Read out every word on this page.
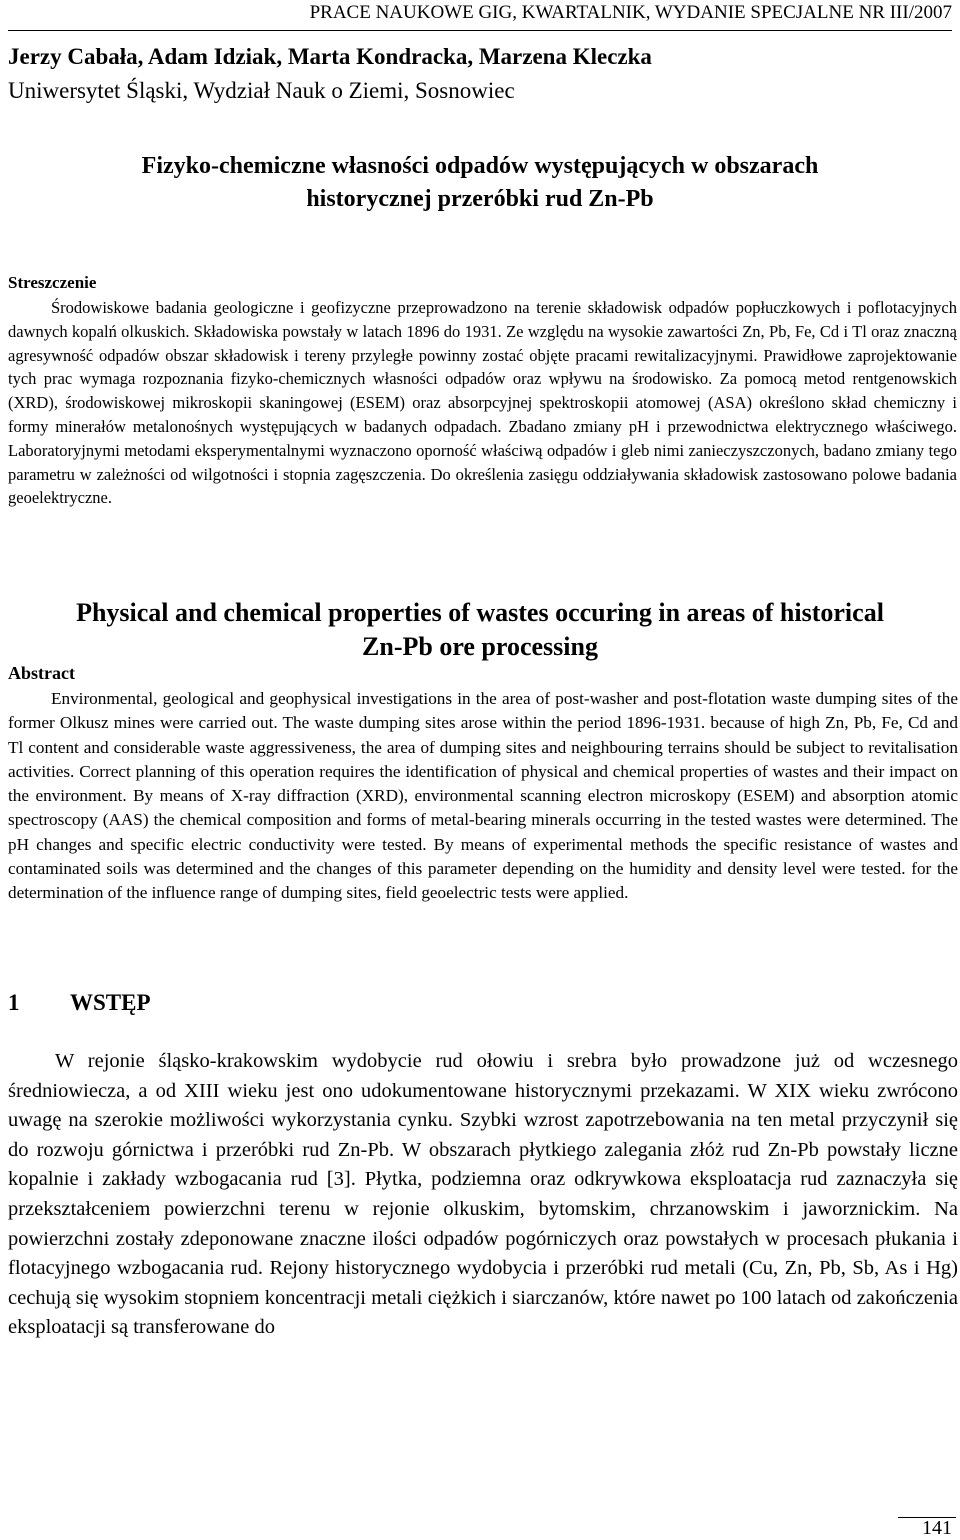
PRACE NAUKOWE GIG, KWARTALNIK, WYDANIE SPECJALNE NR III/2007
Jerzy Cabała, Adam Idziak, Marta Kondracka, Marzena Kleczka
Uniwersytet Śląski, Wydział Nauk o Ziemi, Sosnowiec
Fizyko-chemiczne własności odpadów występujących w obszarach
historycznej przeróbki rud Zn-Pb
Streszczenie
Środowiskowe badania geologiczne i geofizyczne przeprowadzono na terenie składowisk odpadów popłuczkowych i poflotacyjnych dawnych kopalń olkuskich. Składowiska powstały w latach 1896 do 1931. Ze względu na wysokie zawartości Zn, Pb, Fe, Cd i Tl oraz znaczną agresywność odpadów obszar składowisk i tereny przyległe powinny zostać objęte pracami rewitalizacyjnymi. Prawidłowe zaprojektowanie tych prac wymaga rozpoznania fizyko-chemicznych własności odpadów oraz wpływu na środowisko. Za pomocą metod rentgenowskich (XRD), środowiskowej mikroskopii skaningowej (ESEM) oraz absorpcyjnej spektroskopii atomowej (ASA) określono skład chemiczny i formy minerałów metalonośnych występujących w badanych odpadach. Zbadano zmiany pH i przewodnictwa elektrycznego właściwego. Laboratoryjnymi metodami eksperymentalnymi wyznaczono oporność właściwą odpadów i gleb nimi zanieczyszczonych, badano zmiany tego parametru w zależności od wilgotności i stopnia zagęszczenia. Do określenia zasięgu oddziaływania składowisk zastosowano polowe badania geoelektryczne.
Physical and chemical properties of wastes occuring in areas of historical
Zn-Pb ore processing
Abstract
Environmental, geological and geophysical investigations in the area of post-washer and post-flotation waste dumping sites of the former Olkusz mines were carried out. The waste dumping sites arose within the period 1896-1931. because of high Zn, Pb, Fe, Cd and Tl content and considerable waste aggressiveness, the area of dumping sites and neighbouring terrains should be subject to revitalisation activities. Correct planning of this operation requires the identification of physical and chemical properties of wastes and their impact on the environment. By means of X-ray diffraction (XRD), environmental scanning electron microskopy (ESEM) and absorption atomic spectroscopy (AAS) the chemical composition and forms of metal-bearing minerals occurring in the tested wastes were determined. The pH changes and specific electric conductivity were tested. By means of experimental methods the specific resistance of wastes and contaminated soils was determined and the changes of this parameter depending on the humidity and density level were tested. for the determination of the influence range of dumping sites, field geoelectric tests were applied.
1 WSTĘP
W rejonie śląsko-krakowskim wydobycie rud ołowiu i srebra było prowadzone już od wczesnego średniowiecza, a od XIII wieku jest ono udokumentowane historycznymi przekazami. W XIX wieku zwrócono uwagę na szerokie możliwości wykorzystania cynku. Szybki wzrost zapotrzebowania na ten metal przyczynił się do rozwoju górnictwa i przeróbki rud Zn-Pb. W obszarach płytkiego zalegania złóż rud Zn-Pb powstały liczne kopalnie i zakłady wzbogacania rud [3]. Płytka, podziemna oraz odkrywkowa eksploatacja rud zaznaczyła się przekształceniem powierzchni terenu w rejonie olkuskim, bytomskim, chrzanowskim i jaworznickim. Na powierzchni zostały zdeponowane znaczne ilości odpadów pogórniczych oraz powstałych w procesach płukania i flotacyjnego wzbogacania rud. Rejony historycznego wydobycia i przeróbki rud metali (Cu, Zn, Pb, Sb, As i Hg) cechują się wysokim stopniem koncentracji metali ciężkich i siarczanów, które nawet po 100 latach od zakończenia eksploatacji są transferowane do
141
